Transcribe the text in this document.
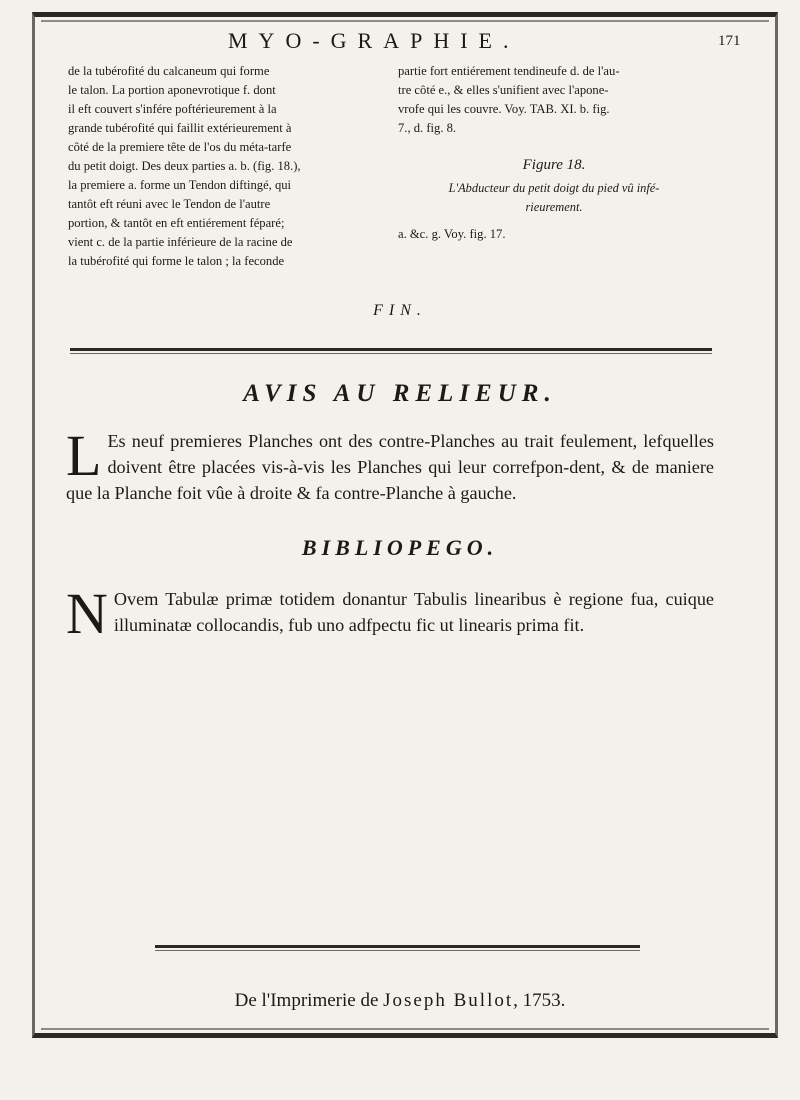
MYO-GRAPHIE.	171

de la tubérofité du calcaneum qui forme

le talon. La portion aponevrotique f. dont

il eft couvert s'infére poftérieurement à la

grande tubérofité qui faillit extérieurement à

côté de la premiere tête de l'os du méta-tarfe

du petit doigt. Des deux parties a. b. (fig. 18.),

la premiere a. forme un Tendon diftingé, qui

tantôt eft réuni avec le Tendon de l'autre

portion, & tantôt en eft entiérement féparé;

vient c. de la partie inférieure de la racine de

la tubérofité qui forme le talon ; la feconde

partie fort entiérement tendineufe d. de l'au-

tre côté e., & elles s'unifient avec l'apone-

vrofe qui les couvre. Voy. TAB. XI. b. fig.

7., d. fig. 8.

Figure 18.

L'Abducteur du petit doigt du pied vû infé-

rieurement.

a. &c. g. Voy. fig. 17.

FIN.
AVIS AU RELIEUR.
L Es neuf premieres Planches ont des contre-Planches au trait feulement, lefquelles doivent être placées vis-à-vis les Planches qui leur correfpon-dent, & de maniere que la Planche foit vûe à droite & fa contre-Planche à gauche.

BIBLIOPEGO.
N Ovem Tabulæ primæ totidem donantur Tabulis linearibus è regione fua, cuique illuminatæ collocandis, fub uno adfpectu fic ut linearis prima fit.

De l'Imprimerie de Joseph Bullot, 1753.
